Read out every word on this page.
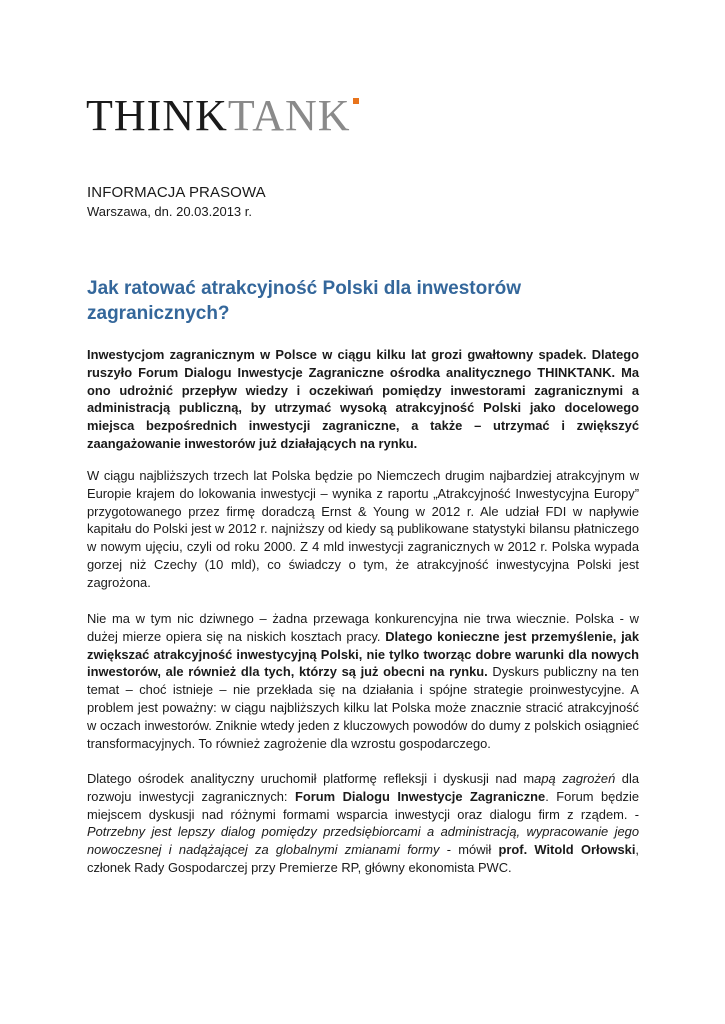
THINKTANK
INFORMACJA PRASOWA
Warszawa, dn. 20.03.2013 r.
Jak ratować atrakcyjność Polski dla inwestorów zagranicznych?

Inwestycjom zagranicznym w Polsce w ciągu kilku lat grozi gwałtowny spadek. Dlatego ruszyło Forum Dialogu Inwestycje Zagraniczne ośrodka analitycznego THINKTANK. Ma ono udrożnić przepływ wiedzy i oczekiwań pomiędzy inwestorami zagranicznymi a administracją publiczną, by utrzymać wysoką atrakcyjność Polski jako docelowego miejsca bezpośrednich inwestycji zagraniczne, a także – utrzymać i zwiększyć zaangażowanie inwestorów już działających na rynku.

W ciągu najbliższych trzech lat Polska będzie po Niemczech drugim najbardziej atrakcyjnym w Europie krajem do lokowania inwestycji – wynika z raportu „Atrakcyjność Inwestycyjna Europy” przygotowanego przez firmę doradczą Ernst & Young w 2012 r. Ale udział FDI w napływie kapitału do Polski jest w 2012 r. najniższy od kiedy są publikowane statystyki bilansu płatniczego w nowym ujęciu, czyli od roku 2000. Z 4 mld inwestycji zagranicznych w 2012 r. Polska wypada gorzej niż Czechy (10 mld), co świadczy o tym, że atrakcyjność inwestycyjna Polski jest zagrożona.

Nie ma w tym nic dziwnego – żadna przewaga konkurencyjna nie trwa wiecznie. Polska - w dużej mierze opiera się na niskich kosztach pracy. Dlatego konieczne jest przemyślenie, jak zwiększać atrakcyjność inwestycyjną Polski, nie tylko tworząc dobre warunki dla nowych inwestorów, ale również dla tych, którzy są już obecni na rynku. Dyskurs publiczny na ten temat – choć istnieje – nie przekłada się na działania i spójne strategie proinwestycyjne. A problem jest poważny: w ciągu najbliższych kilku lat Polska może znacznie stracić atrakcyjność w oczach inwestorów. Zniknie wtedy jeden z kluczowych powodów do dumy z polskich osiągnieć transformacyjnych. To również zagrożenie dla wzrostu gospodarczego.

Dlatego ośrodek analityczny uruchomił platformę refleksji i dyskusji nad mapą zagrożeń dla rozwoju inwestycji zagranicznych: Forum Dialogu Inwestycje Zagraniczne. Forum będzie miejscem dyskusji nad różnymi formami wsparcia inwestycji oraz dialogu firm z rządem. - Potrzebny jest lepszy dialog pomiędzy przedsiębiorcami a administracją, wypracowanie jego nowoczesnej i nadążającej za globalnymi zmianami formy - mówił prof. Witold Orłowski, członek Rady Gospodarczej przy Premierze RP, główny ekonomista PWC.
